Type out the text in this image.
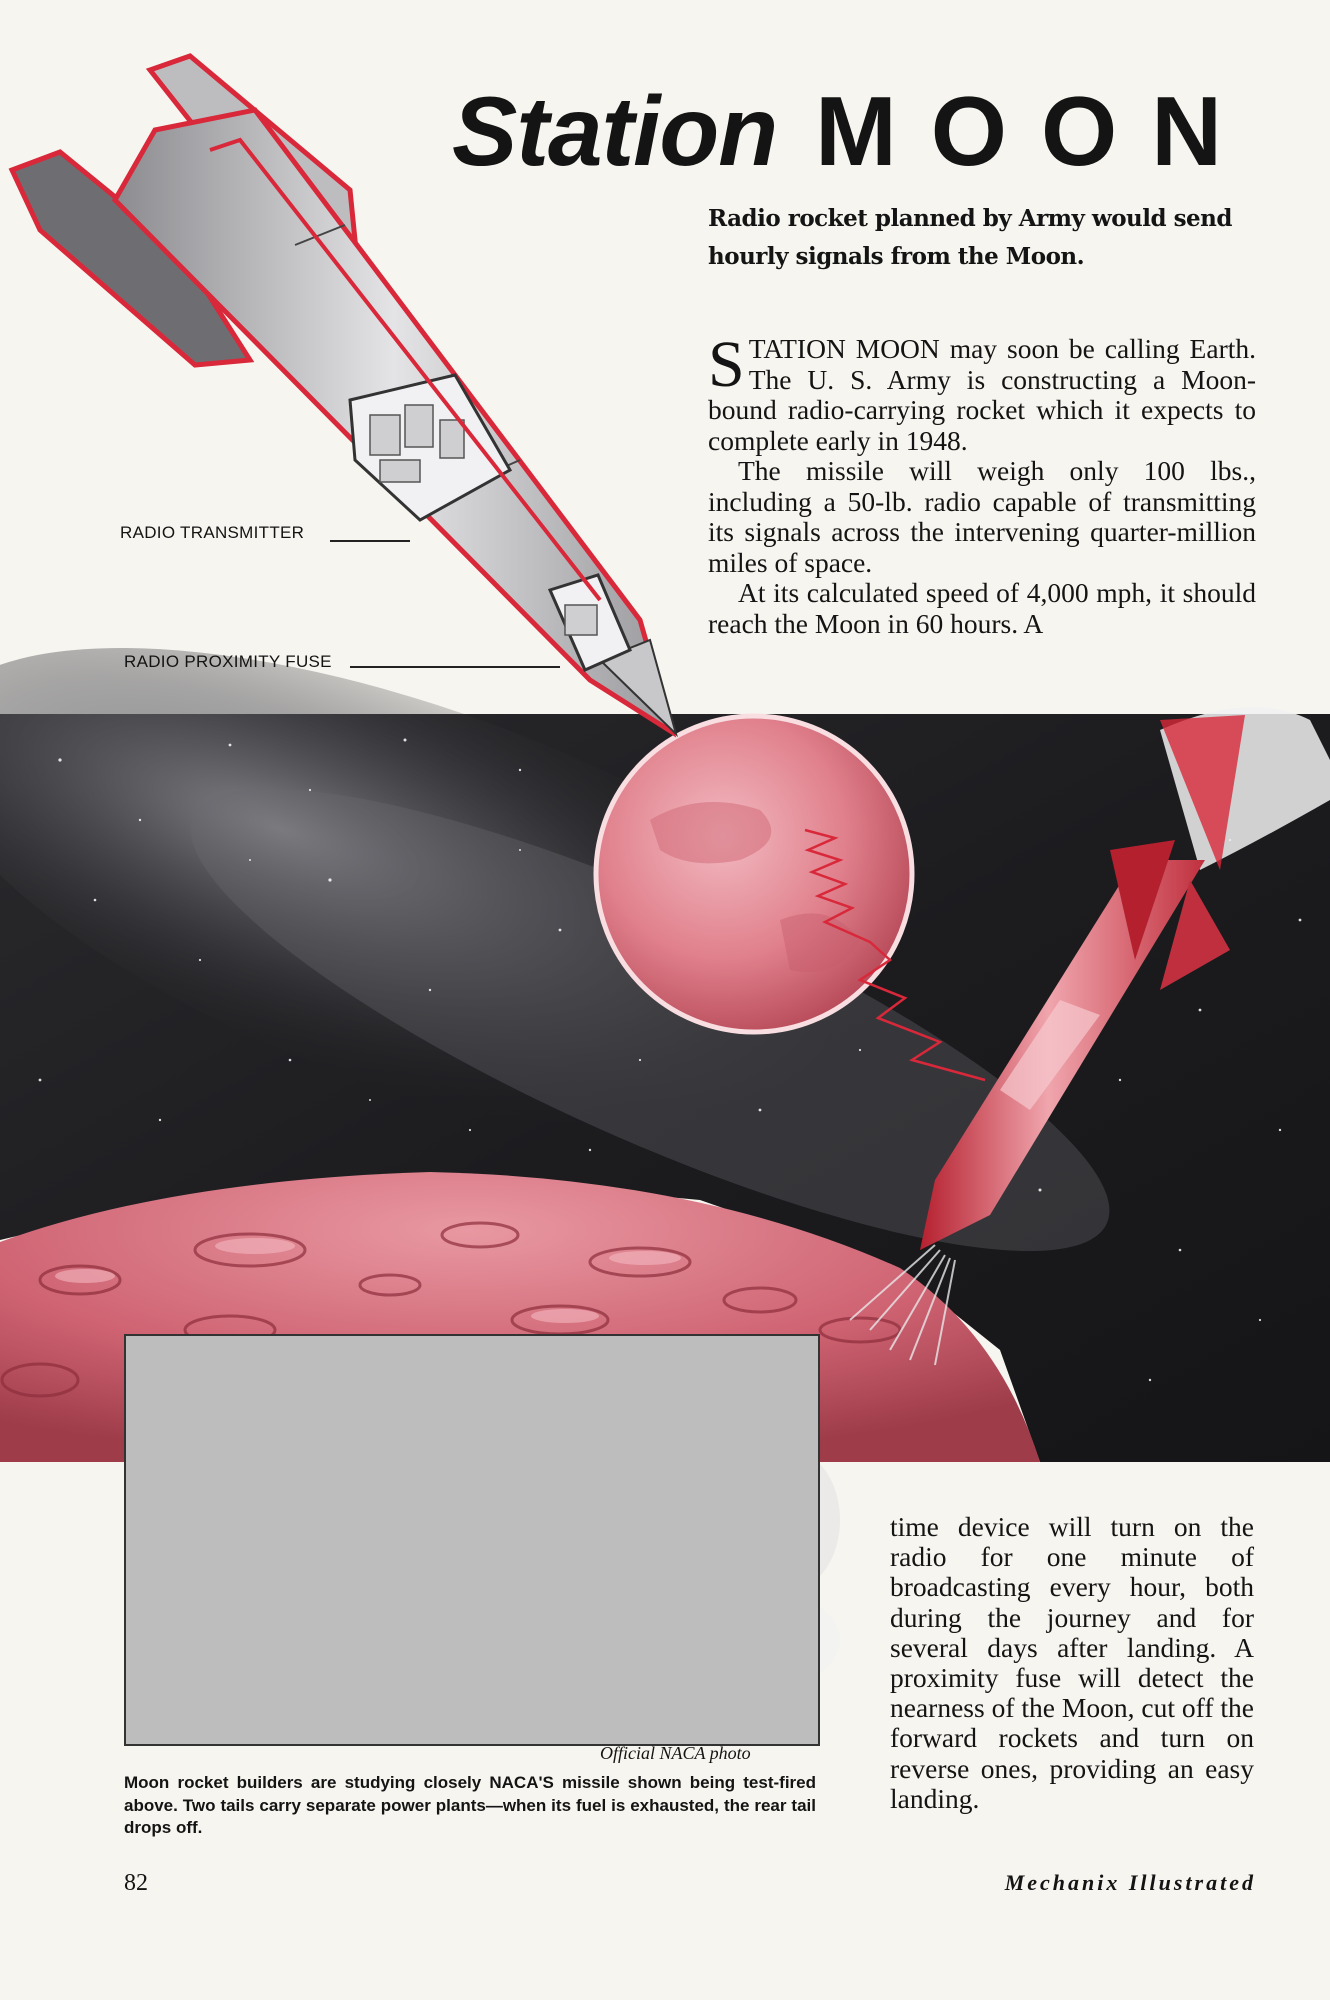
Station MOON
Radio rocket planned by Army would send hourly signals from the Moon.

STATION MOON may soon be calling Earth. The U. S. Army is constructing a Moon-bound radio-carrying rocket which it expects to complete early in 1948.

The missile will weigh only 100 lbs., including a 50-lb. radio capable of transmitting its signals across the intervening quarter-million miles of space.

At its calculated speed of 4,000 mph, it should reach the Moon in 60 hours. A

RADIO TRANSMITTER
RADIO PROXIMITY FUSE
Official NACA photo
Moon rocket builders are studying closely NACA'S missile shown being test-fired above. Two tails carry separate power plants—when its fuel is exhausted, the rear tail drops off.

time device will turn on the radio for one minute of broadcasting every hour, both during the journey and for several days after landing. A proximity fuse will detect the nearness of the Moon, cut off the forward rockets and turn on reverse ones, providing an easy landing.

82	Mechanix Illustrated
